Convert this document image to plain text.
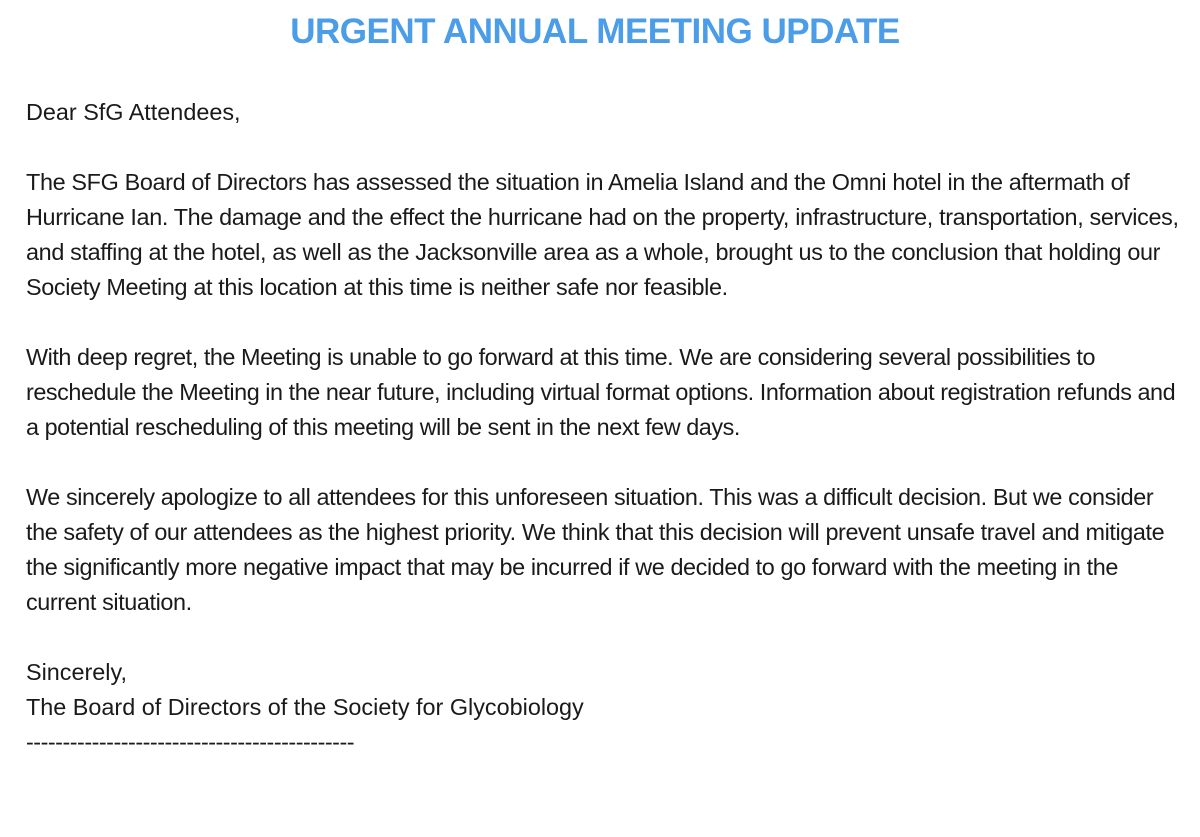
URGENT ANNUAL MEETING UPDATE

Dear SfG Attendees,

The SFG Board of Directors has assessed the situation in Amelia Island and the Omni hotel in the aftermath of Hurricane Ian. The damage and the effect the hurricane had on the property, infrastructure, transportation, services, and staffing at the hotel, as well as the Jacksonville area as a whole, brought us to the conclusion that holding our Society Meeting at this location at this time is neither safe nor feasible.

With deep regret, the Meeting is unable to go forward at this time. We are considering several possibilities to reschedule the Meeting in the near future, including virtual format options. Information about registration refunds and a potential rescheduling of this meeting will be sent in the next few days.

We sincerely apologize to all attendees for this unforeseen situation. This was a difficult decision. But we consider the safety of our attendees as the highest priority. We think that this decision will prevent unsafe travel and mitigate the significantly more negative impact that may be incurred if we decided to go forward with the meeting in the current situation.

Sincerely,

The Board of Directors of the Society for Glycobiology

---------------------------------------------
